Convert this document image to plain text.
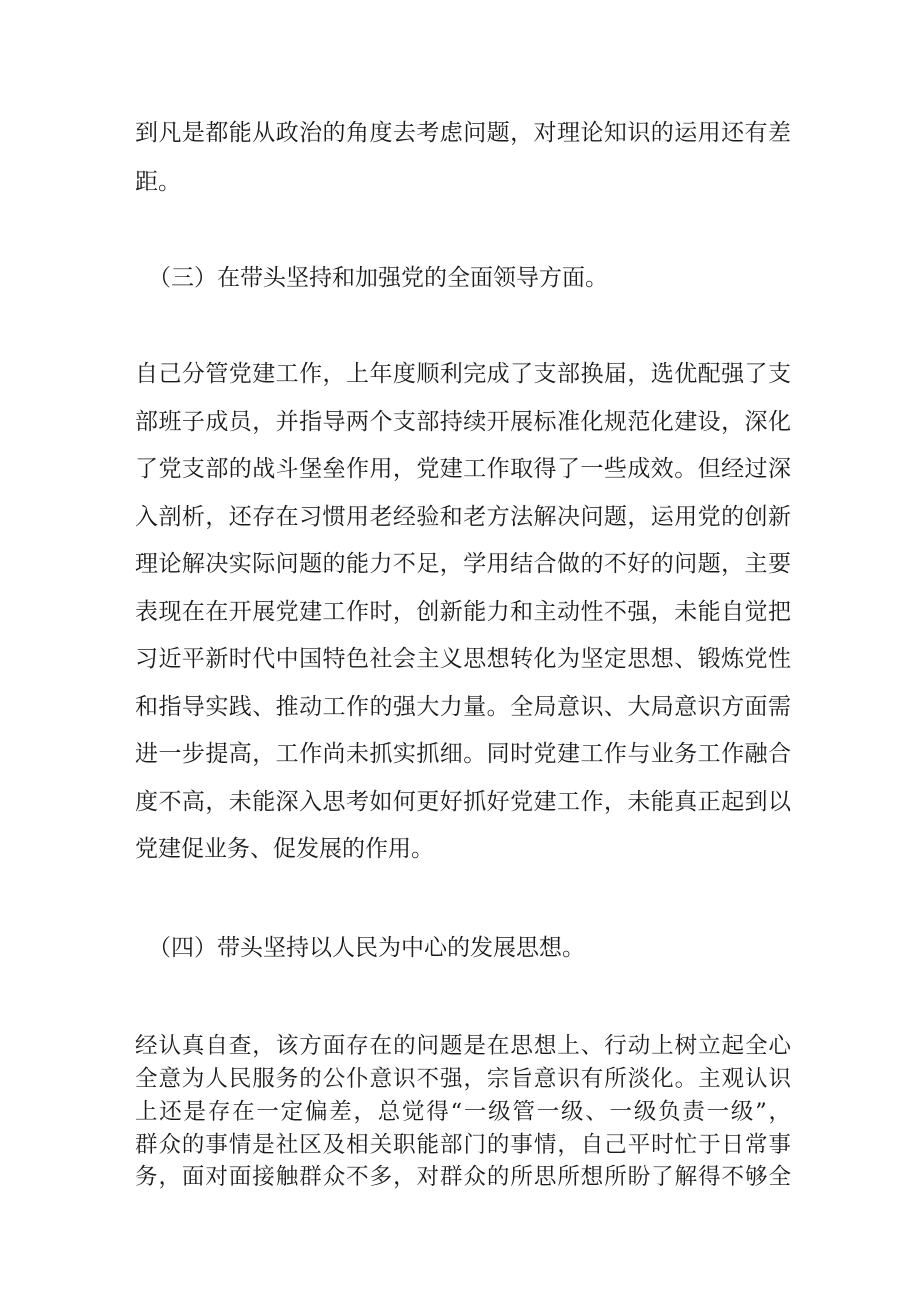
到凡是都能从政治的角度去考虑问题，对理论知识的运用还有差
距。
（三）在带头坚持和加强党的全面领导方面。
自己分管党建工作，上年度顺利完成了支部换届，选优配强了支
部班子成员，并指导两个支部持续开展标准化规范化建设，深化
了党支部的战斗堡垒作用，党建工作取得了一些成效。但经过深
入剖析，还存在习惯用老经验和老方法解决问题，运用党的创新
理论解决实际问题的能力不足，学用结合做的不好的问题，主要
表现在在开展党建工作时，创新能力和主动性不强，未能自觉把
习近平新时代中国特色社会主义思想转化为坚定思想、锻炼党性
和指导实践、推动工作的强大力量。全局意识、大局意识方面需
进一步提高，工作尚未抓实抓细。同时党建工作与业务工作融合
度不高，未能深入思考如何更好抓好党建工作，未能真正起到以
党建促业务、促发展的作用。
（四）带头坚持以人民为中心的发展思想。
经认真自查，该方面存在的问题是在思想上、行动上树立起全心
全意为人民服务的公仆意识不强，宗旨意识有所淡化。主观认识
上还是存在一定偏差，总觉得“一级管一级、一级负责一级”，
群众的事情是社区及相关职能部门的事情，自己平时忙于日常事
务，面对面接触群众不多，对群众的所思所想所盼了解得不够全
